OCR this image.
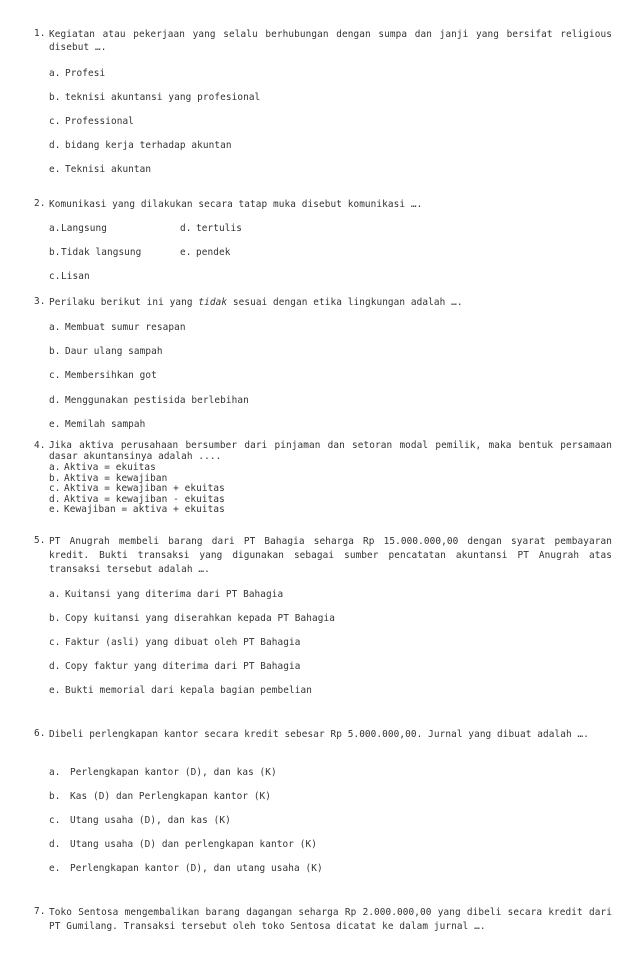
1. Kegiatan atau pekerjaan yang selalu berhubungan dengan sumpa dan janji yang bersifat religious disebut ….
a. Profesi
b. teknisi akuntansi yang profesional
c. Professional
d. bidang kerja terhadap akuntan
e. Teknisi akuntan
2. Komunikasi yang dilakukan secara tatap muka disebut komunikasi ….
a.Langsung	d. tertulis
b.Tidak langsung	e. pendek
c.Lisan
3. Perilaku berikut ini yang tidak sesuai dengan etika lingkungan adalah ….
a. Membuat sumur resapan
b. Daur ulang sampah
c. Membersihkan got
d. Menggunakan pestisida berlebihan
e. Memilah sampah
4. Jika aktiva perusahaan bersumber dari pinjaman dan setoran modal pemilik, maka bentuk persamaan dasar akuntansinya adalah ....
a. Aktiva = ekuitas
b. Aktiva = kewajiban
c. Aktiva = kewajiban + ekuitas
d. Aktiva = kewajiban - ekuitas
e. Kewajiban = aktiva + ekuitas
5. PT Anugrah membeli barang dari PT Bahagia seharga Rp 15.000.000,00 dengan syarat pembayaran kredit. Bukti transaksi yang digunakan sebagai sumber pencatatan akuntansi PT Anugrah atas transaksi tersebut adalah ….
a. Kuitansi yang diterima dari PT Bahagia
b. Copy kuitansi yang diserahkan kepada PT Bahagia
c. Faktur (asli) yang dibuat oleh PT Bahagia
d. Copy faktur yang diterima dari PT Bahagia
e. Bukti memorial dari kepala bagian pembelian
6. Dibeli perlengkapan kantor secara kredit sebesar Rp 5.000.000,00. Jurnal yang dibuat adalah ….
a. Perlengkapan kantor (D), dan kas (K)
b. Kas (D) dan Perlengkapan kantor (K)
c. Utang usaha (D), dan kas (K)
d. Utang usaha (D) dan perlengkapan kantor (K)
e. Perlengkapan kantor (D), dan utang usaha (K)
7. Toko Sentosa mengembalikan barang dagangan seharga Rp 2.000.000,00 yang dibeli secara kredit dari PT Gumilang. Transaksi tersebut oleh toko Sentosa dicatat ke dalam jurnal ….
